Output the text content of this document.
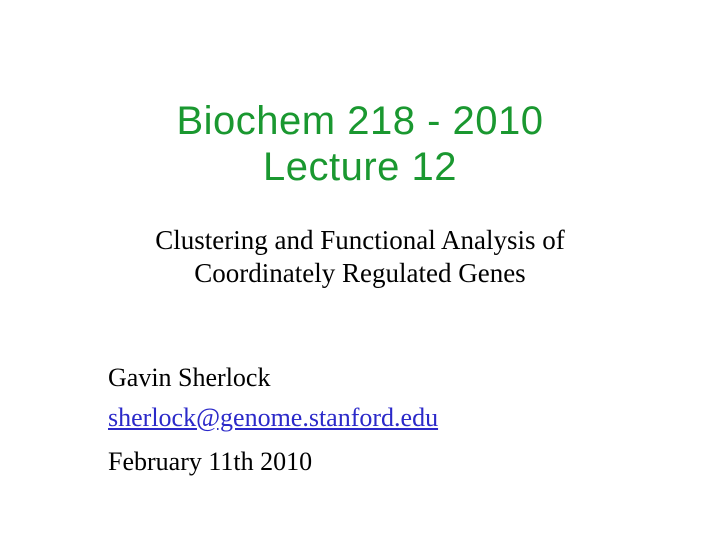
Biochem 218 - 2010
Lecture 12
Clustering and Functional Analysis of
Coordinately Regulated Genes
Gavin Sherlock
sherlock@genome.stanford.edu
February 11th 2010
